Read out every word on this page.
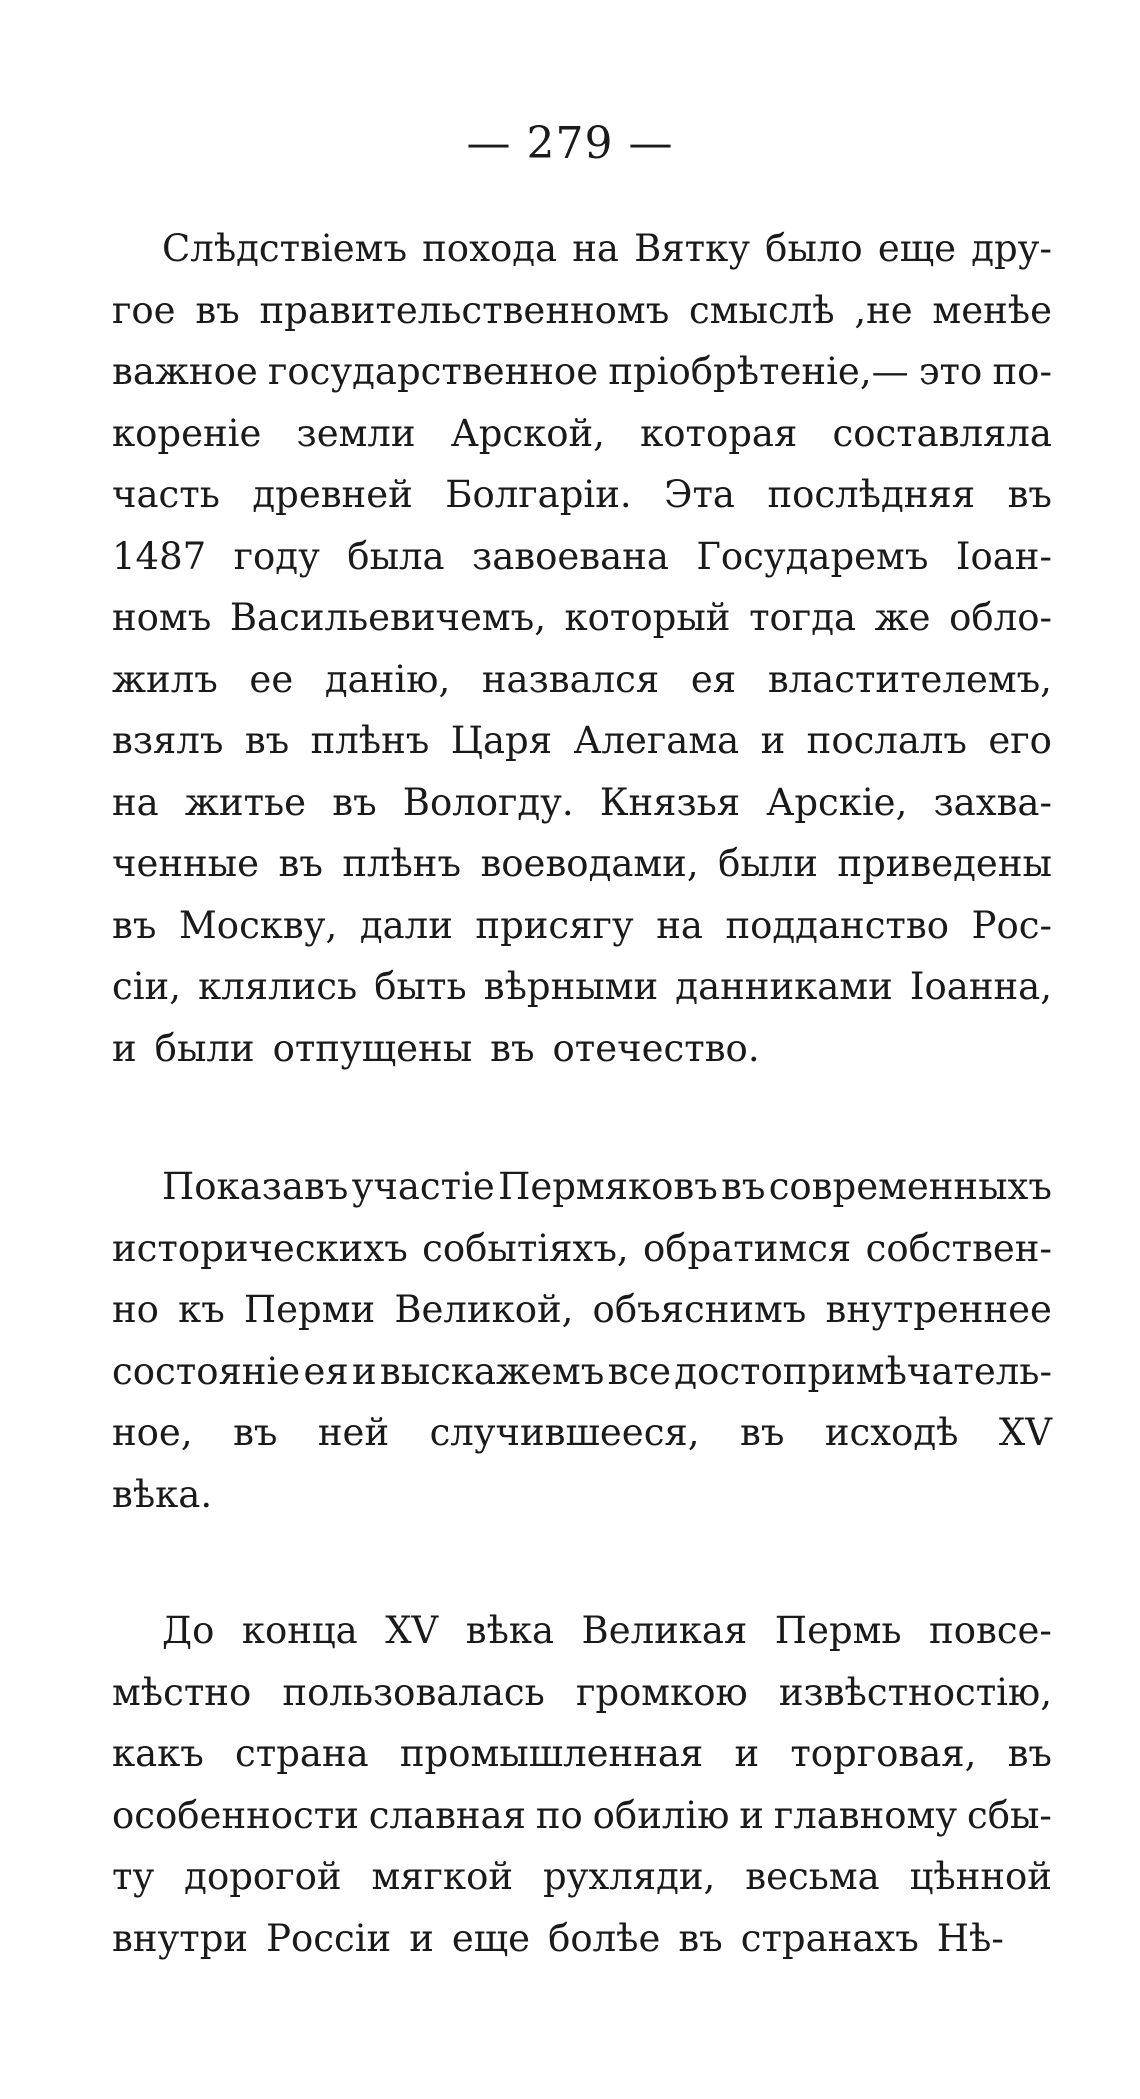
— 279 —
Слѣдствіемъ похода на Вятку было еще дру-
гое въ правительственномъ смыслѣ ,не менѣе
важное государственное пріобрѣтеніе,— это по-
кореніе земли Арской, которая составляла
часть древней Болгаріи. Эта послѣдняя въ
1487 году была завоевана Государемъ Іоан-
номъ Васильевичемъ, который тогда же обло-
жилъ ее данію, назвался ея властителемъ,
взялъ въ плѣнъ Царя Алегама и послалъ его
на житье въ Вологду. Князья Арскіе, захва-
ченные въ плѣнъ воеводами, были приведены
въ Москву, дали присягу на подданство Рос-
сіи, клялись быть вѣрными данниками Іоанна,
и были отпущены въ отечество.
Показавъ участіе Пермяковъ въ современныхъ
историческихъ событіяхъ, обратимся собствен-
но къ Перми Великой, объяснимъ внутреннее
состояніе ея и выскажемъ все достопримѣчатель-
ное, въ ней случившееся, въ исходѣ XV
вѣка.
До конца XV вѣка Великая Пермь повсе-
мѣстно пользовалась громкою извѣстностію,
какъ страна промышленная и торговая, въ
особенности славная по обилію и главному сбы-
ту дорогой мягкой рухляди, весьма цѣнной
внутри Россіи и еще болѣе въ странахъ Нѣ-
